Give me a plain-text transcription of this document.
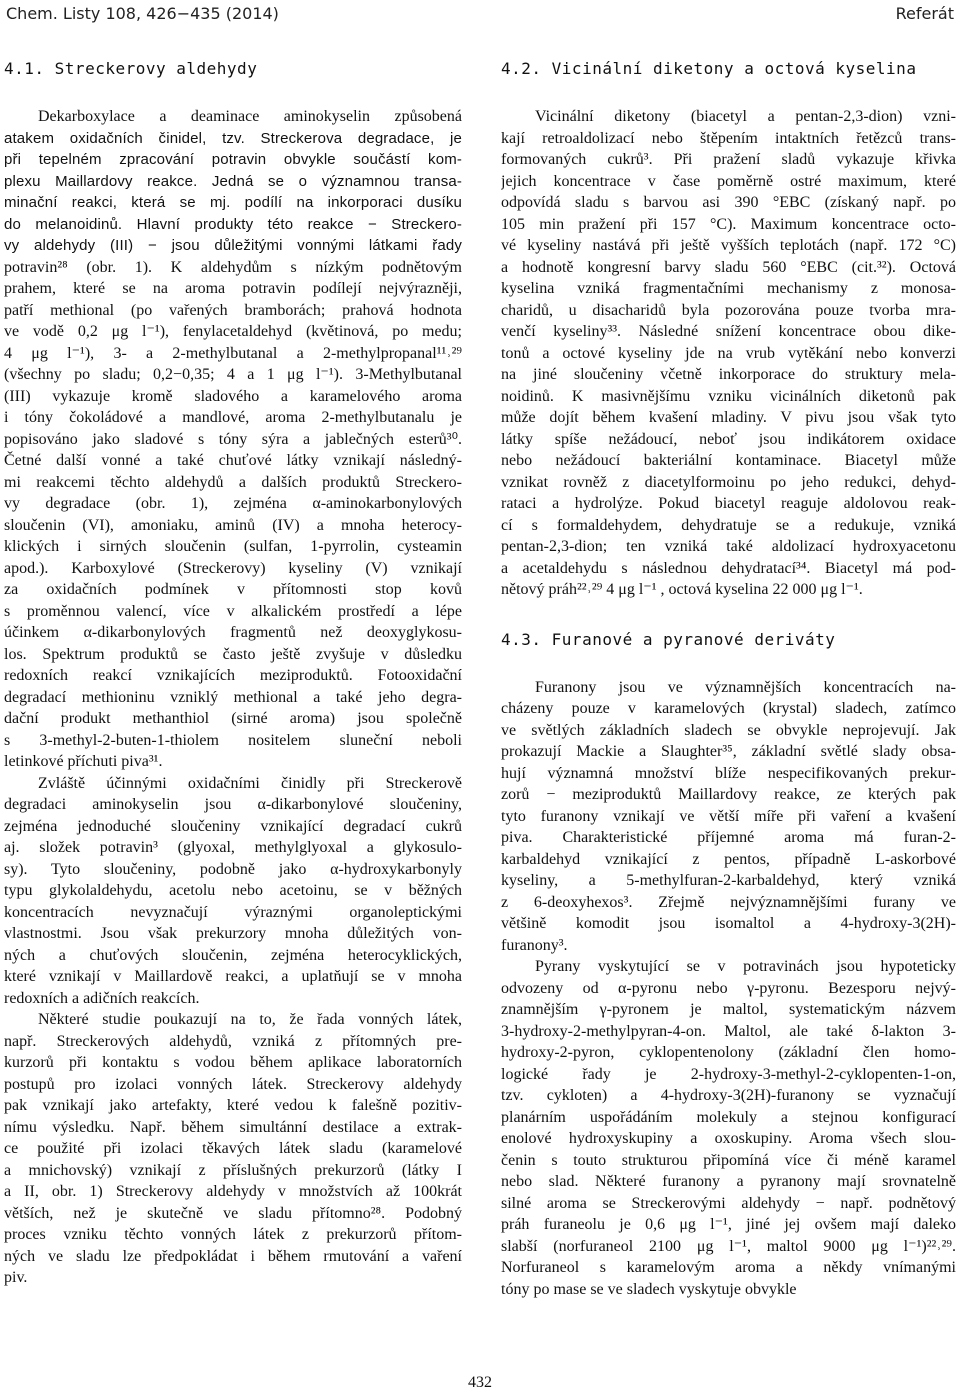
Chem. Listy 108, 426−435 (2014)	Referát
4.1. Streckerovy aldehydy
Dekarboxylace a deaminace aminokyselin způsobená
atakem oxidačních činidel, tzv. Streckerova degradace, je
při tepelném zpracování potravin obvykle součástí kom-
plexu Maillardovy reakce. Jedná se o významnou transa-
minační reakci, která se mj. podílí na inkorporaci dusíku
do melanoidinů. Hlavní produkty této reakce − Streckero-
vy aldehydy (III) − jsou důležitými vonnými látkami řady
potravin²⁸ (obr. 1). K aldehydům s nízkým podnětovým
prahem, které se na aroma potravin podílejí nejvýrazněji,
patří methional (po vařených bramborách; prahová hodnota
ve vodě 0,2 μg l⁻¹), fenylacetaldehyd (květinová, po medu;
4 μg l⁻¹), 3- a 2-methylbutanal a 2-methylpropanal¹¹˒²⁹
(všechny po sladu; 0,2−0,35; 4 a 1 μg l⁻¹). 3-Methylbutanal
(III) vykazuje kromě sladového a karamelového aroma
i tóny čokoládové a mandlové, aroma 2-methylbutanalu je
popisováno jako sladové s tóny sýra a jablečných esterů³⁰.
Četné další vonné a také chuťové látky vznikají následný-
mi reakcemi těchto aldehydů a dalších produktů Streckero-
vy degradace (obr. 1), zejména α-aminokarbonylových
sloučenin (VI), amoniaku, aminů (IV) a mnoha heterocy-
klických i sirných sloučenin (sulfan, 1-pyrrolin, cysteamin
apod.). Karboxylové (Streckerovy) kyseliny (V) vznikají
za oxidačních podmínek v přítomnosti stop kovů
s proměnnou valencí, více v alkalickém prostředí a lépe
účinkem α-dikarbonylových fragmentů než deoxyglykosu-
los. Spektrum produktů se často ještě zvyšuje v důsledku
redoxních reakcí vznikajících meziproduktů. Fotooxidační
degradací methioninu vzniklý methional a také jeho degra-
dační produkt methanthiol (sirné aroma) jsou společně
s 3-methyl-2-buten-1-thiolem nositelem sluneční neboli
letinkové příchuti piva³¹.
Zvláště účinnými oxidačními činidly při Streckerově
degradaci aminokyselin jsou α-dikarbonylové sloučeniny,
zejména jednoduché sloučeniny vznikající degradací cukrů
aj. složek potravin³ (glyoxal, methylglyoxal a glykosulo-
sy). Tyto sloučeniny, podobně jako α-hydroxykarbonyly
typu glykolaldehydu, acetolu nebo acetoinu, se v běžných
koncentracích nevyznačují výraznými organoleptickými
vlastnostmi. Jsou však prekurzory mnoha důležitých von-
ných a chuťových sloučenin, zejména heterocyklických,
které vznikají v Maillardově reakci, a uplatňují se v mnoha
redoxních a adičních reakcích.
Některé studie poukazují na to, že řada vonných látek,
např. Streckerových aldehydů, vzniká z přítomných pre-
kurzorů při kontaktu s vodou během aplikace laboratorních
postupů pro izolaci vonných látek. Streckerovy aldehydy
pak vznikají jako artefakty, které vedou k falešně pozitiv-
nímu výsledku. Např. během simultánní destilace a extrak-
ce použité při izolaci těkavých látek sladu (karamelové
a mnichovský) vznikají z příslušných prekurzorů (látky I
a II, obr. 1) Streckerovy aldehydy v množstvích až 100krát
větších, než je skutečně ve sladu přítomno²⁸. Podobný
proces vzniku těchto vonných látek z prekurzorů přítom-
ných ve sladu lze předpokládat i během rmutování a vaření
piv.
4.2. Vicinální diketony a octová kyselina
Vicinální diketony (biacetyl a pentan-2,3-dion) vzni-
kají retroaldolizací nebo štěpením intaktních řetězců trans-
formovaných cukrů³. Při pražení sladů vykazuje křivka
jejich koncentrace v čase poměrně ostré maximum, které
odpovídá sladu s barvou asi 390 °EBC (získaný např. po
105 min pražení při 157 °C). Maximum koncentrace octo-
vé kyseliny nastává při ještě vyšších teplotách (např. 172 °C)
a hodnotě kongresní barvy sladu 560 °EBC (cit.³²). Octová
kyselina vzniká fragmentačními mechanismy z monosa-
charidů, u disacharidů byla pozorována pouze tvorba mra-
venčí kyseliny³³. Následné snížení koncentrace obou dike-
tonů a octové kyseliny jde na vrub vytěkání nebo konverzi
na jiné sloučeniny včetně inkorporace do struktury mela-
noidinů. K masivnějšímu vzniku vicinálních diketonů pak
může dojít během kvašení mladiny. V pivu jsou však tyto
látky spíše nežádoucí, neboť jsou indikátorem oxidace
nebo nežádoucí bakteriální kontaminace. Biacetyl může
vznikat rovněž z diacetylformoinu po jeho redukci, dehyd-
rataci a hydrolýze. Pokud biacetyl reaguje aldolovou reak-
cí s formaldehydem, dehydratuje se a redukuje, vzniká
pentan-2,3-dion; ten vzniká také aldolizací hydroxyacetonu
a acetaldehydu s následnou dehydratací³⁴. Biacetyl má pod-
nětový práh²²˒²⁹ 4 μg l⁻¹ , octová kyselina 22 000 μg l⁻¹.
4.3. Furanové a pyranové deriváty
Furanony jsou ve významnějších koncentracích na-
cházeny pouze v karamelových (krystal) sladech, zatímco
ve světlých základních sladech se obvykle neprojevují. Jak
prokazují Mackie a Slaughter³⁵, základní světlé slady obsa-
hují významná množství blíže nespecifikovaných prekur-
zorů − meziproduktů Maillardovy reakce, ze kterých pak
tyto furanony vznikají ve větší míře při vaření a kvašení
piva. Charakteristické příjemné aroma má furan-2-
karbaldehyd vznikající z pentos, případně L-askorbové
kyseliny, a 5-methylfuran-2-karbaldehyd, který vzniká
z 6-deoxyhexos³. Zřejmě nejvýznamnějšími furany ve
většině komodit jsou isomaltol a 4-hydroxy-3(2H)-
furanony³.
Pyrany vyskytující se v potravinách jsou hypoteticky
odvozeny od α-pyronu nebo γ-pyronu. Bezesporu nejvý-
znamnějším γ-pyronem je maltol, systematickým názvem
3-hydroxy-2-methylpyran-4-on. Maltol, ale také δ-lakton 3-
hydroxy-2-pyron, cyklopentenolony (základní člen homo-
logické řady je 2-hydroxy-3-methyl-2-cyklopenten-1-on,
tzv. cykloten) a 4-hydroxy-3(2H)-furanony se vyznačují
planárním uspořádáním molekuly a stejnou konfigurací
enolové hydroxyskupiny a oxoskupiny. Aroma všech slou-
čenin s touto strukturou připomíná více či méně karamel
nebo slad. Některé furanony a pyranony mají srovnatelně
silné aroma se Streckerovými aldehydy − např. podnětový
práh furaneolu je 0,6 μg l⁻¹, jiné jej ovšem mají daleko
slabší (norfuraneol 2100 μg l⁻¹, maltol 9000 μg l⁻¹)²²˒²⁹.
Norfuraneol s karamelovým aroma a někdy vnímanými
tóny po mase se ve sladech vyskytuje obvykle
432
